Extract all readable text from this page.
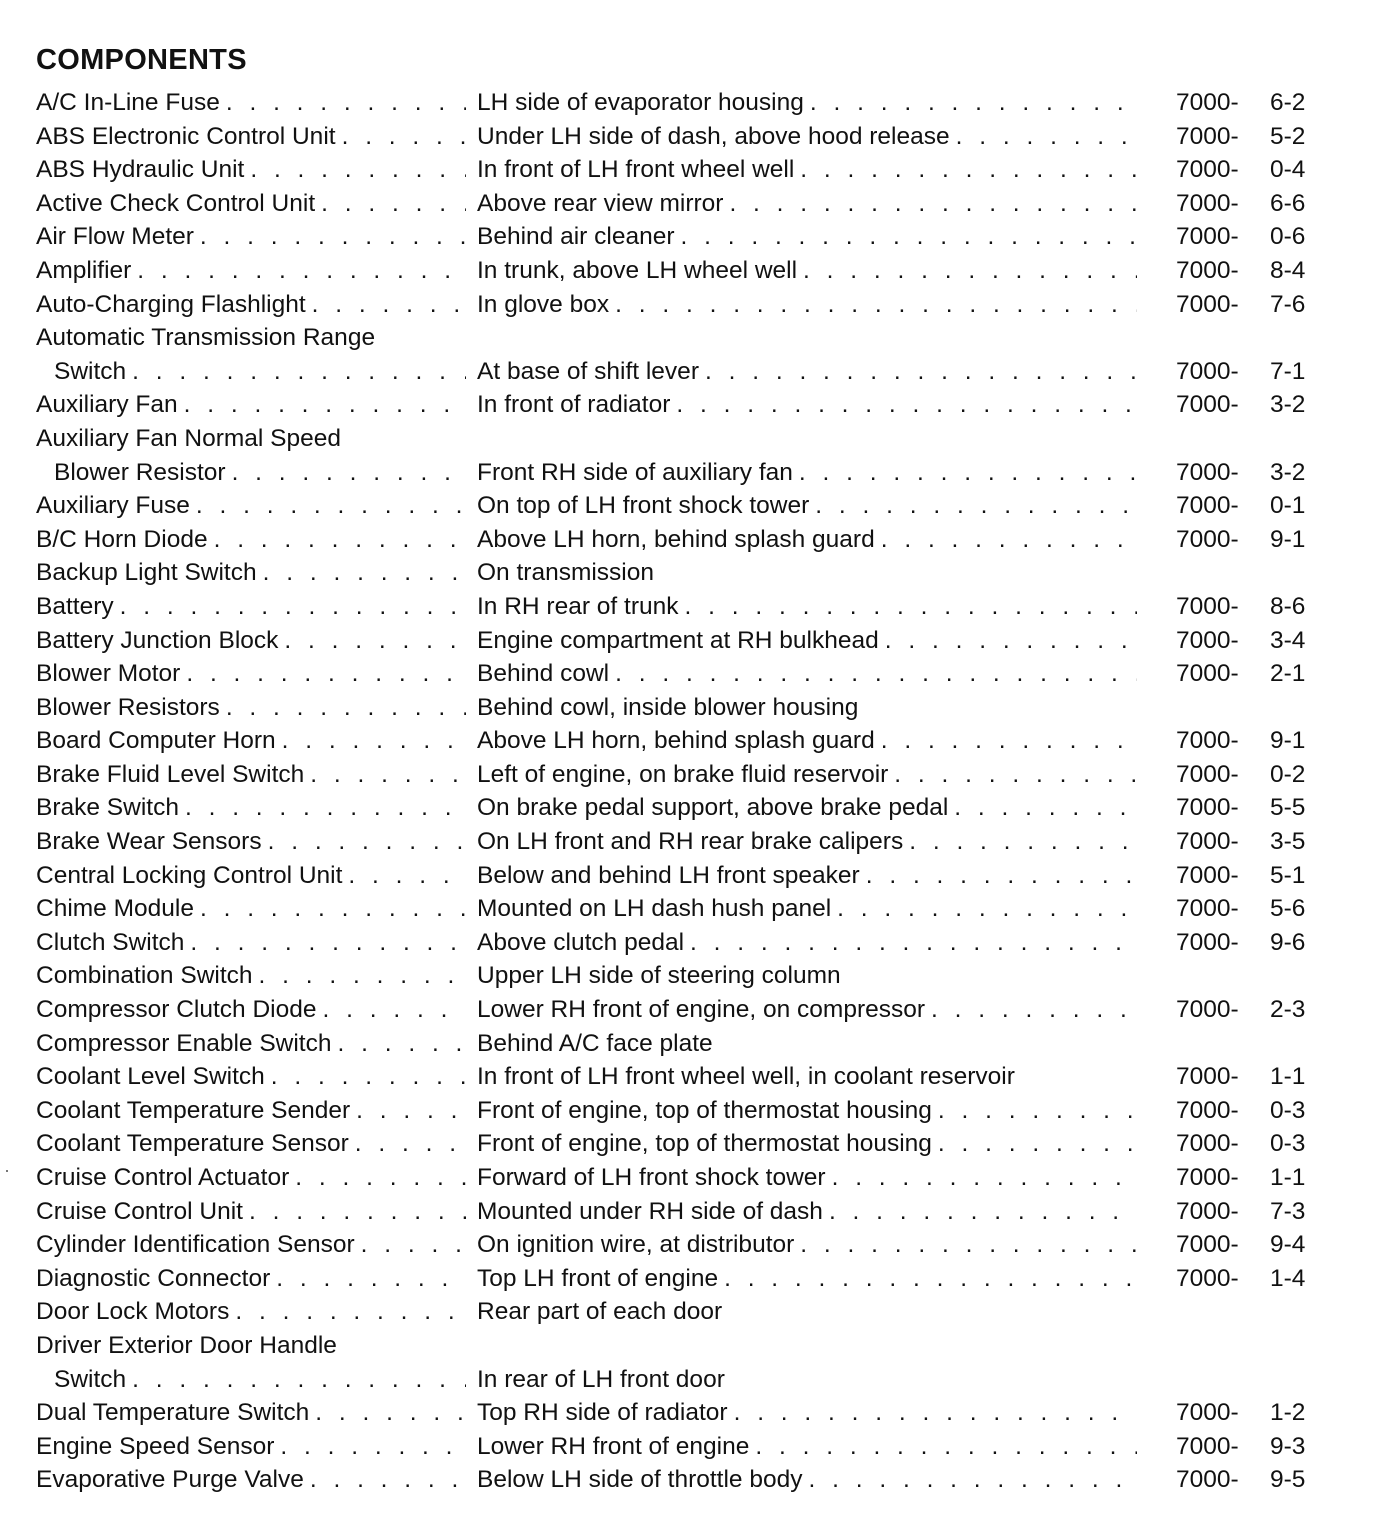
COMPONENTS
A/C In-Line Fuse . . .	LH side of evaporator housing . . .	7000-	6-2
ABS Electronic Control Unit . . .	Under LH side of dash, above hood release . . .	7000-	5-2
ABS Hydraulic Unit . . .	In front of LH front wheel well . . .	7000-	0-4
Active Check Control Unit . . .	Above rear view mirror . . .	7000-	6-6
Air Flow Meter . . .	Behind air cleaner . . .	7000-	0-6
Amplifier . . .	In trunk, above LH wheel well . . .	7000-	8-4
Auto-Charging Flashlight . . .	In glove box . . .	7000-	7-6
Automatic Transmission Range
Switch . . .	At base of shift lever . . .	7000-	7-1
Auxiliary Fan . . .	In front of radiator . . .	7000-	3-2
Auxiliary Fan Normal Speed
Blower Resistor . . .	Front RH side of auxiliary fan . . .	7000-	3-2
Auxiliary Fuse . . .	On top of LH front shock tower . . .	7000-	0-1
B/C Horn Diode . . .	Above LH horn, behind splash guard . . .	7000-	9-1
Backup Light Switch . . .	On transmission
Battery . . .	In RH rear of trunk . . .	7000-	8-6
Battery Junction Block . . .	Engine compartment at RH bulkhead . . .	7000-	3-4
Blower Motor . . .	Behind cowl . . .	7000-	2-1
Blower Resistors . . .	Behind cowl, inside blower housing
Board Computer Horn . . .	Above LH horn, behind splash guard . . .	7000-	9-1
Brake Fluid Level Switch . . .	Left of engine, on brake fluid reservoir . . .	7000-	0-2
Brake Switch . . .	On brake pedal support, above brake pedal . . .	7000-	5-5
Brake Wear Sensors . . .	On LH front and RH rear brake calipers . . .	7000-	3-5
Central Locking Control Unit . . .	Below and behind LH front speaker . . .	7000-	5-1
Chime Module . . .	Mounted on LH dash hush panel . . .	7000-	5-6
Clutch Switch . . .	Above clutch pedal . . .	7000-	9-6
Combination Switch . . .	Upper LH side of steering column
Compressor Clutch Diode . . .	Lower RH front of engine, on compressor . . .	7000-	2-3
Compressor Enable Switch . . .	Behind A/C face plate
Coolant Level Switch . . .	In front of LH front wheel well, in coolant reservoir	7000-	1-1
Coolant Temperature Sender . . .	Front of engine, top of thermostat housing . . .	7000-	0-3
Coolant Temperature Sensor . . .	Front of engine, top of thermostat housing . . .	7000-	0-3
Cruise Control Actuator . . .	Forward of LH front shock tower . . .	7000-	1-1
Cruise Control Unit . . .	Mounted under RH side of dash . . .	7000-	7-3
Cylinder Identification Sensor . . .	On ignition wire, at distributor . . .	7000-	9-4
Diagnostic Connector . . .	Top LH front of engine . . .	7000-	1-4
Door Lock Motors . . .	Rear part of each door
Driver Exterior Door Handle
Switch . . .	In rear of LH front door
Dual Temperature Switch . . .	Top RH side of radiator . . .	7000-	1-2
Engine Speed Sensor . . .	Lower RH front of engine . . .	7000-	9-3
Evaporative Purge Valve . . .	Below LH side of throttle body . . .	7000-	9-5
